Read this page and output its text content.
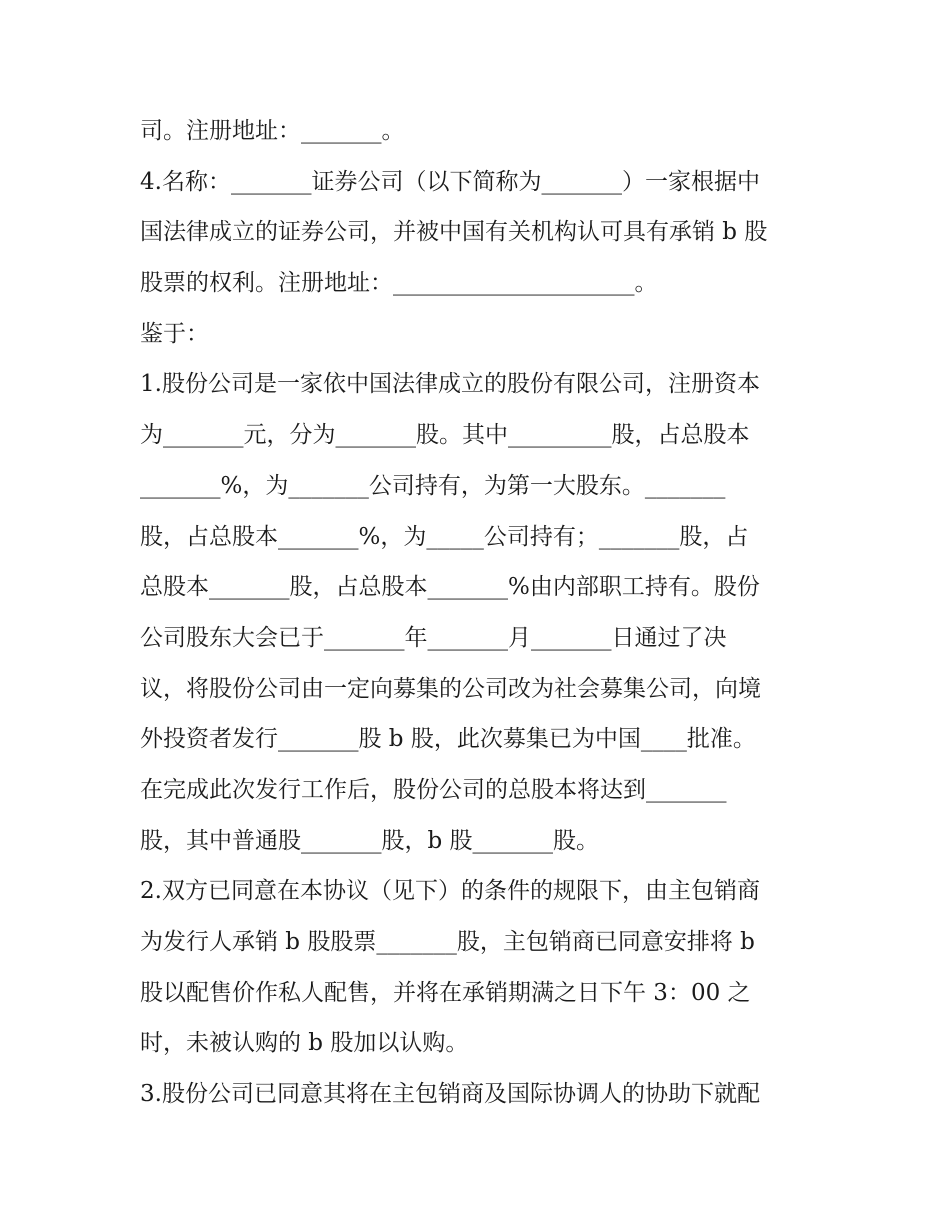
司。注册地址：_______。
4.名称：_______证券公司（以下简称为_______）一家根据中
国法律成立的证券公司，并被中国有关机构认可具有承销 b 股
股票的权利。注册地址：_____________________。
鉴于：
1.股份公司是一家依中国法律成立的股份有限公司，注册资本
为_______元，分为_______股。其中_________股，占总股本
_______%，为_______公司持有，为第一大股东。_______
股，占总股本_______%，为_____公司持有；_______股，占
总股本_______股，占总股本_______%由内部职工持有。股份
公司股东大会已于_______年_______月_______日通过了决
议，将股份公司由一定向募集的公司改为社会募集公司，向境
外投资者发行_______股 b 股，此次募集已为中国____批准。
在完成此次发行工作后，股份公司的总股本将达到_______
股，其中普通股_______股，b 股_______股。
2.双方已同意在本协议（见下）的条件的规限下，由主包销商
为发行人承销 b 股股票_______股，主包销商已同意安排将 b
股以配售价作私人配售，并将在承销期满之日下午 3：00 之
时，未被认购的 b 股加以认购。
3.股份公司已同意其将在主包销商及国际协调人的协助下就配
